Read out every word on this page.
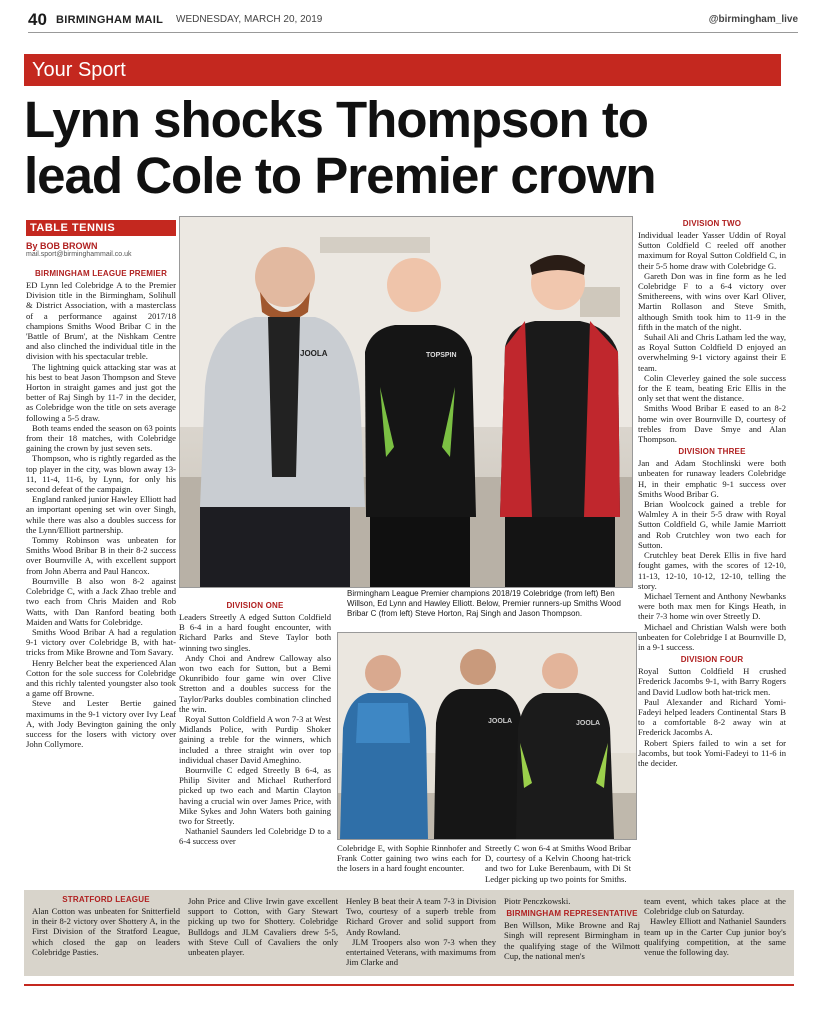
40 BIRMINGHAM MAIL WEDNESDAY, MARCH 20, 2019	@birmingham_live
Your Sport
Lynn shocks Thompson to
lead Cole to Premier crown
TABLE TENNIS
By BOB BROWN
mail.sport@birminghammail.co.uk
BIRMINGHAM LEAGUE PREMIER

ED Lynn led Colebridge A to the Premier Division title in the Birmingham, Solihull & District Association, with a masterclass of a performance against 2017/18 champions Smiths Wood Bribar C in the 'Battle of Brum', at the Nishkam Centre and also clinched the individual title in the division with his spectacular treble.

The lightning quick attacking star was at his best to beat Jason Thompson and Steve Horton in straight games and just got the better of Raj Singh by 11-7 in the decider, as Colebridge won the title on sets average following a 5-5 draw.

Both teams ended the season on 63 points from their 18 matches, with Colebridge gaining the crown by just seven sets.

Thompson, who is rightly regarded as the top player in the city, was blown away 13-11, 11-4, 11-6, by Lynn, for only his second defeat of the campaign.

England ranked junior Hawley Elliott had an important opening set win over Singh, while there was also a doubles success for the Lynn/Elliott partnership.

Tommy Robinson was unbeaten for Smiths Wood Bribar B in their 8-2 success over Bournville A, with excellent support from John Aberra and Paul Hancox.

Bournville B also won 8-2 against Colebridge C, with a Jack Zhao treble and two each from Chris Maiden and Rob Watts, with Dan Ranford beating both Maiden and Watts for Colebridge.

Smiths Wood Bribar A had a regulation 9-1 victory over Colebridge B, with hat-tricks from Mike Browne and Tom Savary.

Henry Belcher beat the experienced Alan Cotton for the sole success for Colebridge and this richly talented youngster also took a game off Browne.

Steve and Lester Bertie gained maximums in the 9-1 victory over Ivy Leaf A, with Jody Bevington gaining the only success for the losers with victory over John Collymore.

JOOLA	TOPSPIN
Birmingham League Premier champions 2018/19 Colebridge (from left) Ben Willson, Ed Lynn and Hawley Elliott. Below, Premier runners-up Smiths Wood Bribar C (from left) Steve Horton, Raj Singh and Jason Thompson.
DIVISION ONE

Leaders Streetly A edged Sutton Coldfield B 6-4 in a hard fought encounter, with Richard Parks and Steve Taylor both winning two singles.

Andy Choi and Andrew Calloway also won two each for Sutton, but a Bemi Okunribido four game win over Clive Stretton and a doubles success for the Taylor/Parks doubles combination clinched the win.

Royal Sutton Coldfield A won 7-3 at West Midlands Police, with Purdip Shoker gaining a treble for the winners, which included a three straight win over top individual chaser David Ameghino.

Bournville C edged Streetly B 6-4, as Philip Siviter and Michael Rutherford picked up two each and Martin Clayton having a crucial win over James Price, with Mike Sykes and John Waters both gaining two for Streetly.

Nathaniel Saunders led Colebridge D to a 6-4 success over

JOOLA	JOOLA

Colebridge E, with Sophie Rinnhofer and Frank Cotter gaining two wins each for the losers in a hard fought encounter.

Streetly C won 6-4 at Smiths Wood Bribar D, courtesy of a Kelvin Choong hat-trick and two for Luke Berenbaum, with Di St Ledger picking up two points for Smiths.

DIVISION TWO

Individual leader Yasser Uddin of Royal Sutton Coldfield C reeled off another maximum for Royal Sutton Coldfield C, in their 5-5 home draw with Colebridge G.

Gareth Don was in fine form as he led Colebridge F to a 6-4 victory over Smithereens, with wins over Karl Oliver, Martin Rollason and Steve Smith, although Smith took him to 11-9 in the fifth in the match of the night.

Suhail Ali and Chris Latham led the way, as Royal Sutton Coldfield D enjoyed an overwhelming 9-1 victory against their E team.

Colin Cleverley gained the sole success for the E team, beating Eric Ellis in the only set that went the distance.

Smiths Wood Bribar E eased to an 8-2 home win over Bournville D, courtesy of trebles from Dave Smye and Alan Thompson.

DIVISION THREE

Jan and Adam Stochlinski were both unbeaten for runaway leaders Colebridge H, in their emphatic 9-1 success over Smiths Wood Bribar G.

Brian Woolcock gained a treble for Walmley A in their 5-5 draw with Royal Sutton Coldfield G, while Jamie Marriott and Rob Crutchley won two each for Sutton.

Crutchley beat Derek Ellis in five hard fought games, with the scores of 12-10, 11-13, 12-10, 10-12, 12-10, telling the story.

Michael Ternent and Anthony Newbanks were both max men for Kings Heath, in their 7-3 home win over Streetly D.

Michael and Christian Walsh were both unbeaten for Colebridge I at Bournville D, in a 9-1 success.

DIVISION FOUR

Royal Sutton Coldfield H crushed Frederick Jacombs 9-1, with Barry Rogers and David Ludlow both hat-trick men.

Paul Alexander and Richard Yomi-Fadeyi helped leaders Continental Stars B to a comfortable 8-2 away win at Frederick Jacombs A.

Robert Spiers failed to win a set for Jacombs, but took Yomi-Fadeyi to 11-6 in the decider.

STRATFORD LEAGUE

Alan Cotton was unbeaten for Snitterfield in their 8-2 victory over Shottery A, in the First Division of the Stratford League, which closed the gap on leaders Colebridge Pasties.

John Price and Clive Irwin gave excellent support to Cotton, with Gary Stewart picking up two for Shottery. Colebridge Bulldogs and JLM Cavaliers drew 5-5, with Steve Cull of Cavaliers the only unbeaten player.

Henley B beat their A team 7-3 in Division Two, courtesy of a superb treble from Richard Grover and solid support from Andy Rowland.

JLM Troopers also won 7-3 when they entertained Veterans, with maximums from Jim Clarke and

Piotr Penczkowski.

BIRMINGHAM REPRESENTATIVE

Ben Willson, Mike Browne and Raj Singh will represent Birmingham in the qualifying stage of the Wilmott Cup, the national men's

team event, which takes place at the Colebridge club on Saturday.

Hawley Elliott and Nathaniel Saunders team up in the Carter Cup junior boy's qualifying competition, at the same venue the following day.
